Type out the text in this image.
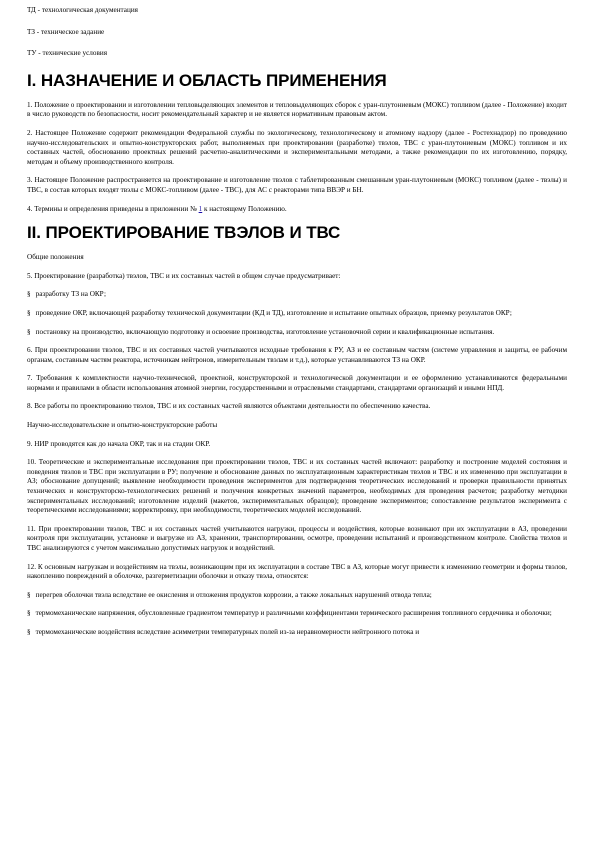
ТД - технологическая документация
ТЗ - техническое задание
ТУ - технические условия
I. НАЗНАЧЕНИЕ И ОБЛАСТЬ ПРИМЕНЕНИЯ

1. Положение о проектировании и изготовлении тепловыделяющих элементов и тепловыделяющих сборок с уран-плутониевым (МОКС) топливом (далее - Положение) входит в число руководств по безопасности, носит рекомендательный характер и не является нормативным правовым актом.

2. Настоящее Положение содержит рекомендации Федеральной службы по экологическому, технологическому и атомному надзору (далее - Ростехнадзор) по проведению научно-исследовательских и опытно-конструкторских работ, выполняемых при проектировании (разработке) твэлов, ТВС с уран-плутониевым (МОКС) топливом и их составных частей, обоснованию проектных решений расчетно-аналитическими и экспериментальными методами, а также рекомендации по их изготовлению, порядку, методам и объему производственного контроля.

3. Настоящее Положение распространяется на проектирование и изготовление твэлов с таблетированным смешанным уран-плутониевым (МОКС) топливом (далее - твэлы) и ТВС, в состав которых входят твэлы с МОКС-топливом (далее - ТВС), для АС с реакторами типа ВВЭР и БН.

4. Термины и определения приведены в приложении № 1 к настоящему Положению.

II. ПРОЕКТИРОВАНИЕ ТВЭЛОВ И ТВС
Общие положения

5. Проектирование (разработка) твэлов, ТВС и их составных частей в общем случае предусматривает:

§ разработку ТЗ на ОКР;
§ проведение ОКР, включающей разработку технической документации (КД и ТД), изготовление и испытание опытных образцов, приемку результатов ОКР;
§ постановку на производство, включающую подготовку и освоение производства, изготовление установочной серии и квалификационные испытания.

6. При проектировании твэлов, ТВС и их составных частей учитываются исходные требования к РУ, АЗ и ее составным частям (системе управления и защиты, ее рабочим органам, составным частям реактора, источникам нейтронов, измерительным твэлам и т.д.), которые устанавливаются ТЗ на ОКР.

7. Требования к комплектности научно-технической, проектной, конструкторской и технологической документации и ее оформлению устанавливаются федеральными нормами и правилами в области использования атомной энергии, государственными и отраслевыми стандартами, стандартами организаций и иными НПД.

8. Все работы по проектированию твэлов, ТВС и их составных частей являются объектами деятельности по обеспечению качества.

Научно-исследовательские и опытно-конструкторские работы

9. НИР проводятся как до начала ОКР, так и на стадии ОКР.

10. Теоретические и экспериментальные исследования при проектировании твэлов, ТВС и их составных частей включают: разработку и построение моделей состояния и поведения твэлов и ТВС при эксплуатации в РУ; получение и обоснование данных по эксплуатационным характеристикам твэлов и ТВС и их изменению при эксплуатации в АЗ; обоснование допущений; выявление необходимости проведения экспериментов для подтверждения теоретических исследований и проверки правильности принятых технических и конструкторско-технологических решений и получения конкретных значений параметров, необходимых для проведения расчетов; разработку методики экспериментальных исследований; изготовление изделий (макетов, экспериментальных образцов); проведение экспериментов; сопоставление результатов эксперимента с теоретическими исследованиями; корректировку, при необходимости, теоретических моделей исследований.

11. При проектировании твэлов, ТВС и их составных частей учитываются нагрузки, процессы и воздействия, которые возникают при их эксплуатации в АЗ, проведении контроля при эксплуатации, установке и выгрузке из АЗ, хранении, транспортировании, осмотре, проведении испытаний и производственном контроле. Свойства твэлов и ТВС анализируются с учетом максимально допустимых нагрузок и воздействий.

12. К основным нагрузкам и воздействиям на твэлы, возникающим при их эксплуатации в составе ТВС в АЗ, которые могут привести к изменению геометрии и формы твэлов, накоплению повреждений в оболочке, разгерметизации оболочки и отказу твэла, относятся:

§ перегрев оболочки твэла вследствие ее окисления и отложения продуктов коррозии, а также локальных нарушений отвода тепла;
§ термомеханические напряжения, обусловленные градиентом температур и различными коэффициентами термического расширения топливного сердечника и оболочки;
§ термомеханические воздействия вследствие асимметрии температурных полей из-за неравномерности нейтронного потока и
